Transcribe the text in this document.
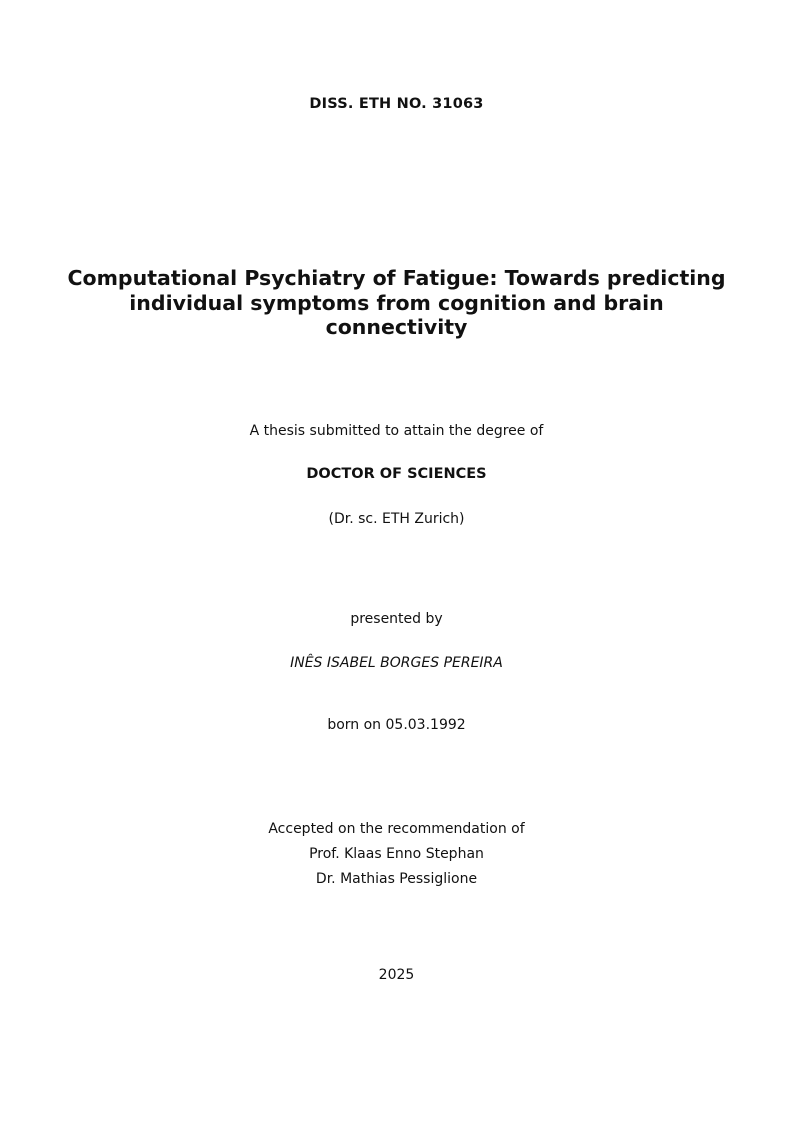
DISS. ETH NO. 31063
Computational Psychiatry of Fatigue: Towards predicting
individual symptoms from cognition and brain
connectivity
A thesis submitted to attain the degree of
DOCTOR OF SCIENCES
(Dr. sc. ETH Zurich)
presented by
INÊS ISABEL BORGES PEREIRA
born on 05.03.1992
Accepted on the recommendation of
Prof. Klaas Enno Stephan
Dr. Mathias Pessiglione
2025
